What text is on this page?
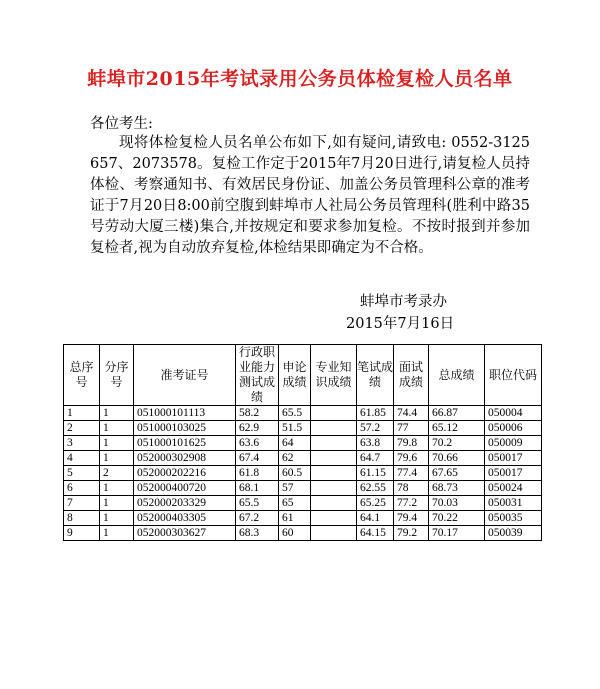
蚌埠市2015年考试录用公务员体检复检人员名单
各位考生:

现将体检复检人员名单公布如下,如有疑问,请致电: 0552-3125657、2073578。复检工作定于2015年7月20日进行,请复检人员持体检、考察通知书、有效居民身份证、加盖公务员管理科公章的准考证于7月20日8:00前空腹到蚌埠市人社局公务员管理科(胜利中路35号劳动大厦三楼)集合,并按规定和要求参加复检。不按时报到并参加复检者,视为自动放弃复检,体检结果即确定为不合格。

蚌埠市考录办
2015年7月16日
总序号	分序号	准考证号	行政职业能力测试成绩	申论成绩	专业知识成绩	笔试成绩	面试成绩	总成绩	职位代码
1	1	051000101113	58.2	65.5		61.85	74.4	66.87	050004
2	1	051000103025	62.9	51.5		57.2	77	65.12	050006
3	1	051000101625	63.6	64		63.8	79.8	70.2	050009
4	1	052000302908	67.4	62		64.7	79.6	70.66	050017
5	2	052000202216	61.8	60.5		61.15	77.4	67.65	050017
6	1	052000400720	68.1	57		62.55	78	68.73	050024
7	1	052000203329	65.5	65		65.25	77.2	70.03	050031
8	1	052000403305	67.2	61		64.1	79.4	70.22	050035
9	1	052000303627	68.3	60		64.15	79.2	70.17	050039
